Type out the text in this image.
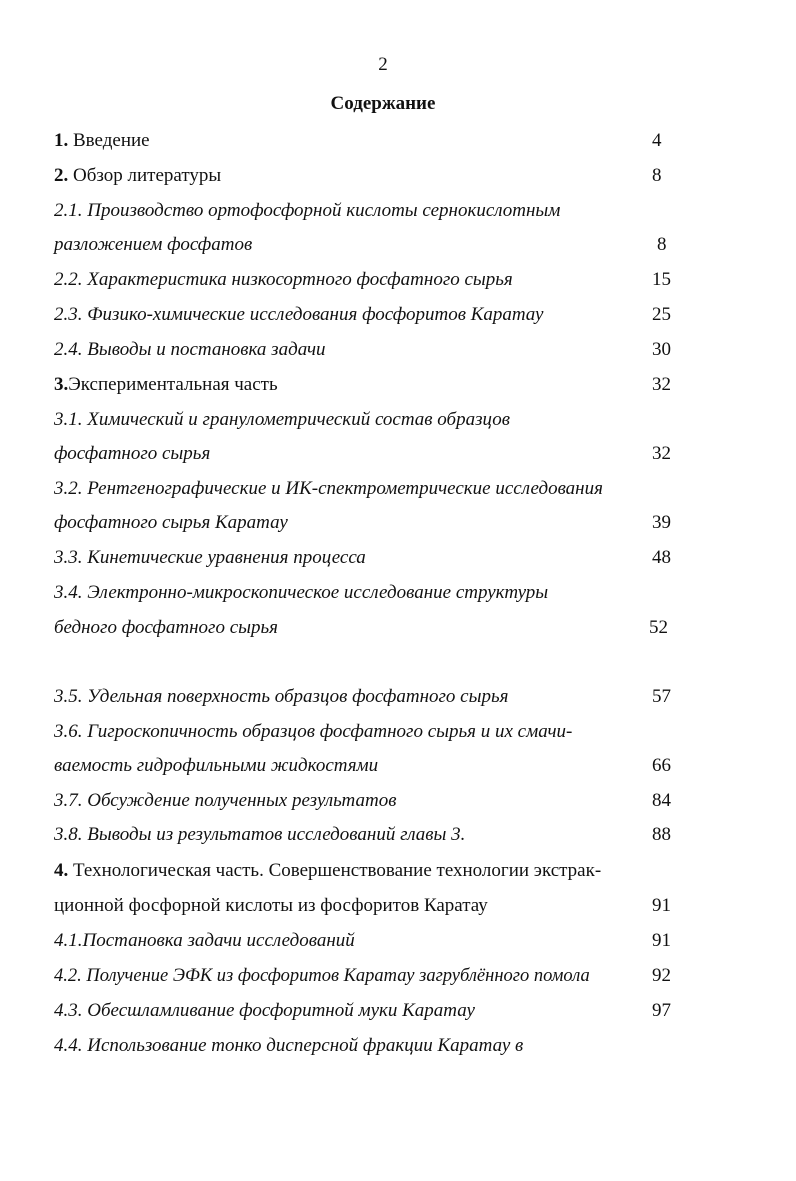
2
Содержание
1. Введение	4
2. Обзор литературы	8
2.1. Производство ортофосфорной кислоты сернокислотным
разложением фосфатов	8
2.2. Характеристика низкосортного фосфатного сырья	15
2.3. Физико-химические исследования фосфоритов Каратау	25
2.4. Выводы и постановка задачи	30
3.Экспериментальная часть	32
3.1. Химический и гранулометрический состав образцов
фосфатного сырья	32
3.2. Рентгенографические и ИК-спектрометрические исследования
фосфатного сырья Каратау	39
3.3. Кинетические уравнения процесса	48
3.4. Электронно-микроскопическое исследование структуры
бедного фосфатного сырья	52
3.5. Удельная поверхность образцов фосфатного сырья	57
3.6. Гигроскопичность образцов фосфатного сырья и их смачи-
ваемость гидрофильными жидкостями	66
3.7. Обсуждение полученных результатов	84
3.8. Выводы из результатов исследований главы 3.	88
4. Технологическая часть. Совершенствование технологии экстрак-
ционной фосфорной кислоты из фосфоритов Каратау	91
4.1.Постановка задачи исследований	91
4.2. Получение ЭФК из фосфоритов Каратау загрублённого помола	92
4.3. Обесшламливание фосфоритной муки Каратау	97
4.4. Использование тонко дисперсной фракции Каратау в
